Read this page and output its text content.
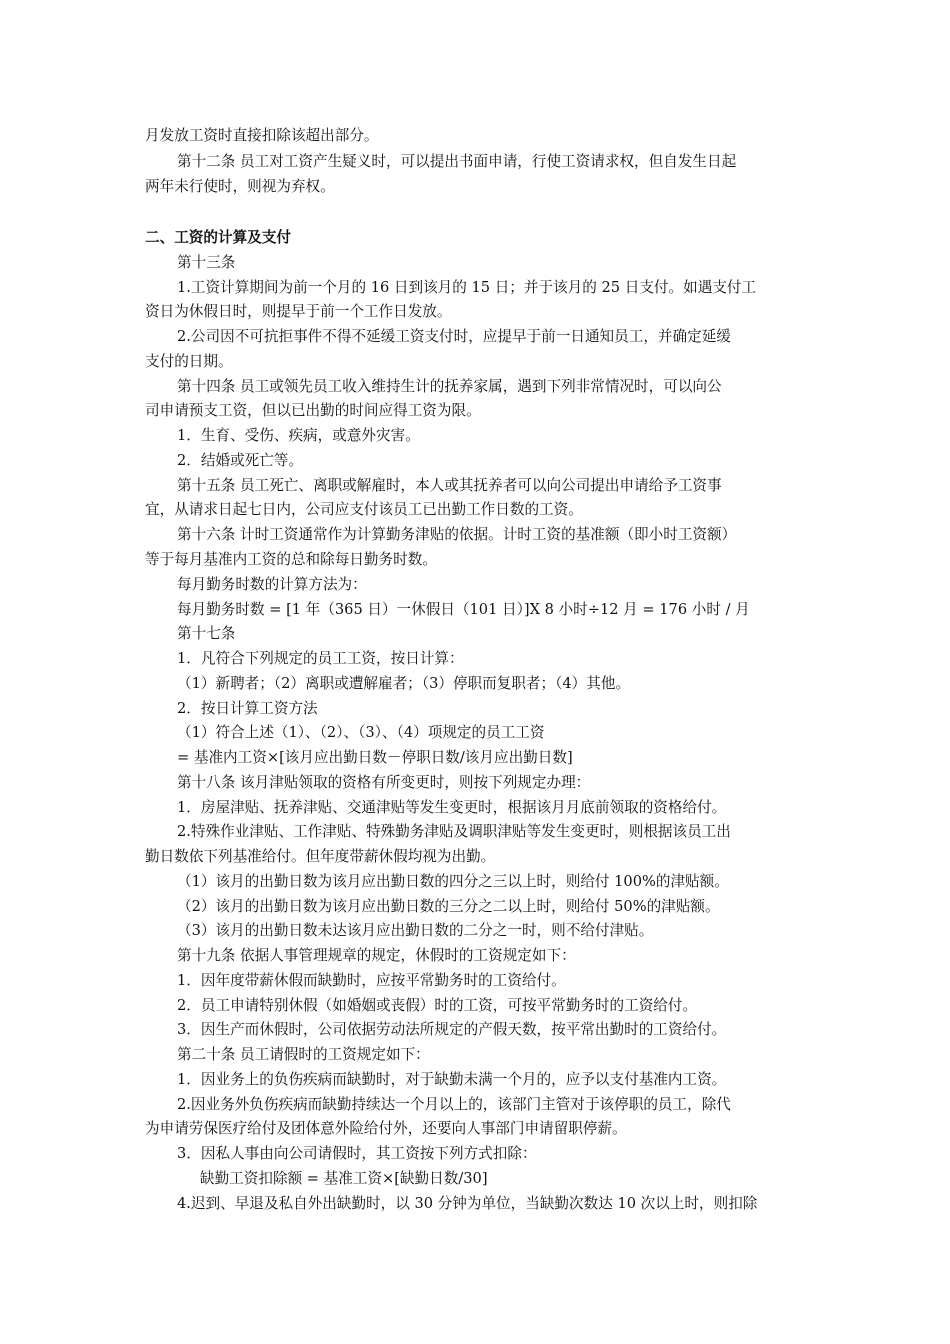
月发放工资时直接扣除该超出部分。
第十二条 员工对工资产生疑义时，可以提出书面申请，行使工资请求权，但自发生日起
两年未行使时，则视为弃权。
二、工资的计算及支付
第十三条
1.工资计算期间为前一个月的 16 日到该月的 15 日；并于该月的 25 日支付。如遇支付工
资日为休假日时，则提早于前一个工作日发放。
2.公司因不可抗拒事件不得不延缓工资支付时，应提早于前一日通知员工，并确定延缓
支付的日期。
第十四条 员工或领先员工收入维持生计的抚养家属，遇到下列非常情况时，可以向公
司申请预支工资，但以已出勤的时间应得工资为限。
1．生育、受伤、疾病，或意外灾害。
2．结婚或死亡等。
第十五条 员工死亡、离职或解雇时，本人或其抚养者可以向公司提出申请给予工资事
宜，从请求日起七日内，公司应支付该员工已出勤工作日数的工资。
第十六条 计时工资通常作为计算勤务津贴的依据。计时工资的基准额（即小时工资额）
等于每月基准内工资的总和除每日勤务时数。
每月勤务时数的计算方法为：
每月勤务时数 = [1 年（365 日）一休假日（101 日）]X 8 小时÷12 月 = 176 小时 / 月
第十七条
1．凡符合下列规定的员工工资，按日计算：
（1）新聘者；（2）离职或遭解雇者；（3）停职而复职者；（4）其他。
2．按日计算工资方法
（1）符合上述（1）、（2）、（3）、（4）项规定的员工工资
= 基准内工资×[该月应出勤日数－停职日数/该月应出勤日数]
第十八条 该月津贴领取的资格有所变更时，则按下列规定办理：
1．房屋津贴、抚养津贴、交通津贴等发生变更时，根据该月月底前领取的资格给付。
2.特殊作业津贴、工作津贴、特殊勤务津贴及调职津贴等发生变更时，则根据该员工出
勤日数依下列基准给付。但年度带薪休假均视为出勤。
（1）该月的出勤日数为该月应出勤日数的四分之三以上时，则给付 100%的津贴额。
（2）该月的出勤日数为该月应出勤日数的三分之二以上时，则给付 50%的津贴额。
（3）该月的出勤日数未达该月应出勤日数的二分之一时，则不给付津贴。
第十九条 依据人事管理规章的规定，休假时的工资规定如下：
1．因年度带薪休假而缺勤时，应按平常勤务时的工资给付。
2．员工申请特别休假（如婚姻或丧假）时的工资，可按平常勤务时的工资给付。
3．因生产而休假时，公司依据劳动法所规定的产假天数，按平常出勤时的工资给付。
第二十条 员工请假时的工资规定如下：
1．因业务上的负伤疾病而缺勤时，对于缺勤未满一个月的，应予以支付基准内工资。
2.因业务外负伤疾病而缺勤持续达一个月以上的，该部门主管对于该停职的员工，除代
为申请劳保医疗给付及团体意外险给付外，还要向人事部门申请留职停薪。
3．因私人事由向公司请假时，其工资按下列方式扣除：
缺勤工资扣除额 = 基准工资×[缺勤日数/30]
4.迟到、早退及私自外出缺勤时，以 30 分钟为单位，当缺勤次数达 10 次以上时，则扣除
